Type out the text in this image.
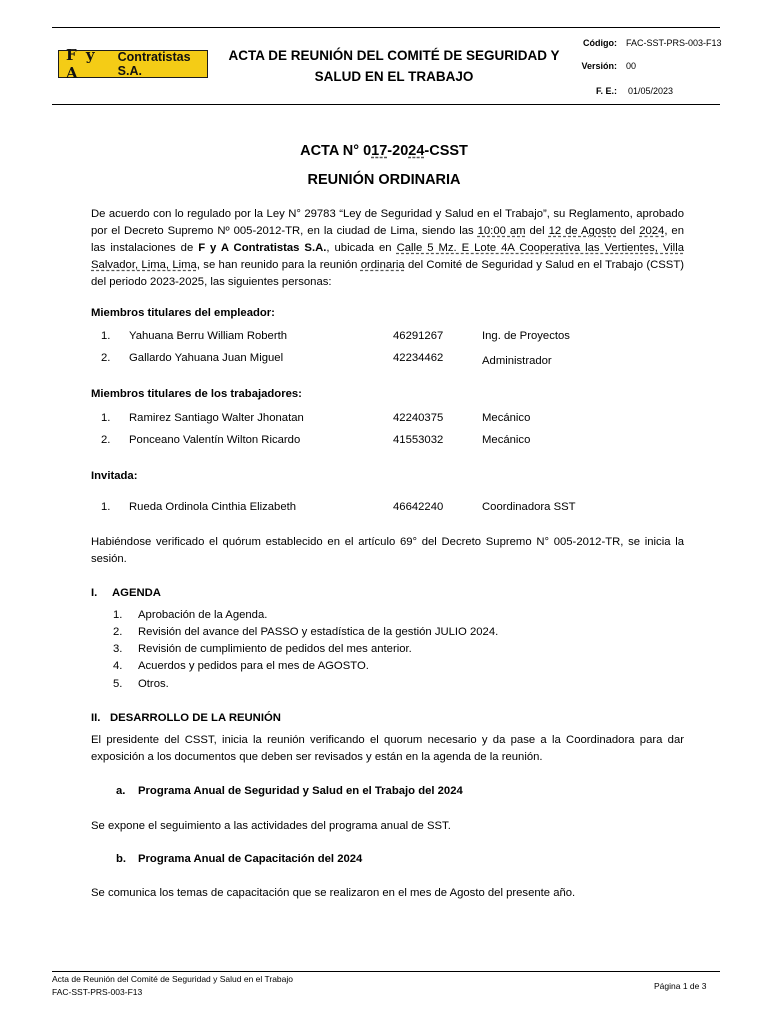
F y A
Contratistas S.A.
ACTA DE REUNIÓN DEL COMITÉ DE SEGURIDAD Y
SALUD EN EL TRABAJO
Código: FAC-SST-PRS-003-F13
Versión: 00
F. E.: 01/05/2023
ACTA N° 017-2024-CSST
REUNIÓN ORDINARIA
De acuerdo con lo regulado por la Ley N° 29783 “Ley de Seguridad y Salud en el Trabajo”, su Reglamento, aprobado
por el Decreto Supremo Nº 005-2012-TR, en la ciudad de Lima, siendo las 10:00 am del 12 de Agosto del 2024, en
las instalaciones de F y A Contratistas S.A., ubicada en Calle 5 Mz. E Lote 4A Cooperativa las Vertientes, Villa
Salvador, Lima, Lima, se han reunido para la reunión ordinaria del Comité de Seguridad y Salud en el Trabajo (CSST)
del periodo 2023-2025, las siguientes personas:
Miembros titulares del empleador:
1. Yahuana Berru William Roberth	46291267	Ing. de Proyectos
2. Gallardo Yahuana Juan Miguel	42234462	Administrador
Miembros titulares de los trabajadores:
1. Ramirez Santiago Walter Jhonatan	42240375	Mecánico
2. Ponceano Valentín Wilton Ricardo	41553032	Mecánico
Invitada:
1. Rueda Ordinola Cinthia Elizabeth	46642240	Coordinadora SST
Habiéndose verificado el quórum establecido en el artículo 69° del Decreto Supremo N° 005-2012-TR, se inicia la
sesión.
I. AGENDA
1. Aprobación de la Agenda.
2. Revisión del avance del PASSO y estadística de la gestión JULIO 2024.
3. Revisión de cumplimiento de pedidos del mes anterior.
4. Acuerdos y pedidos para el mes de AGOSTO.
5. Otros.
II. DESARROLLO DE LA REUNIÓN
El presidente del CSST, inicia la reunión verificando el quorum necesario y da pase a la Coordinadora para dar
exposición a los documentos que deben ser revisados y están en la agenda de la reunión.
a. Programa Anual de Seguridad y Salud en el Trabajo del 2024
Se expone el seguimiento a las actividades del programa anual de SST.
b. Programa Anual de Capacitación del 2024
Se comunica los temas de capacitación que se realizaron en el mes de Agosto del presente año.
Acta de Reunión del Comité de Seguridad y Salud en el Trabajo
FAC-SST-PRS-003-F13
Página 1 de 3
